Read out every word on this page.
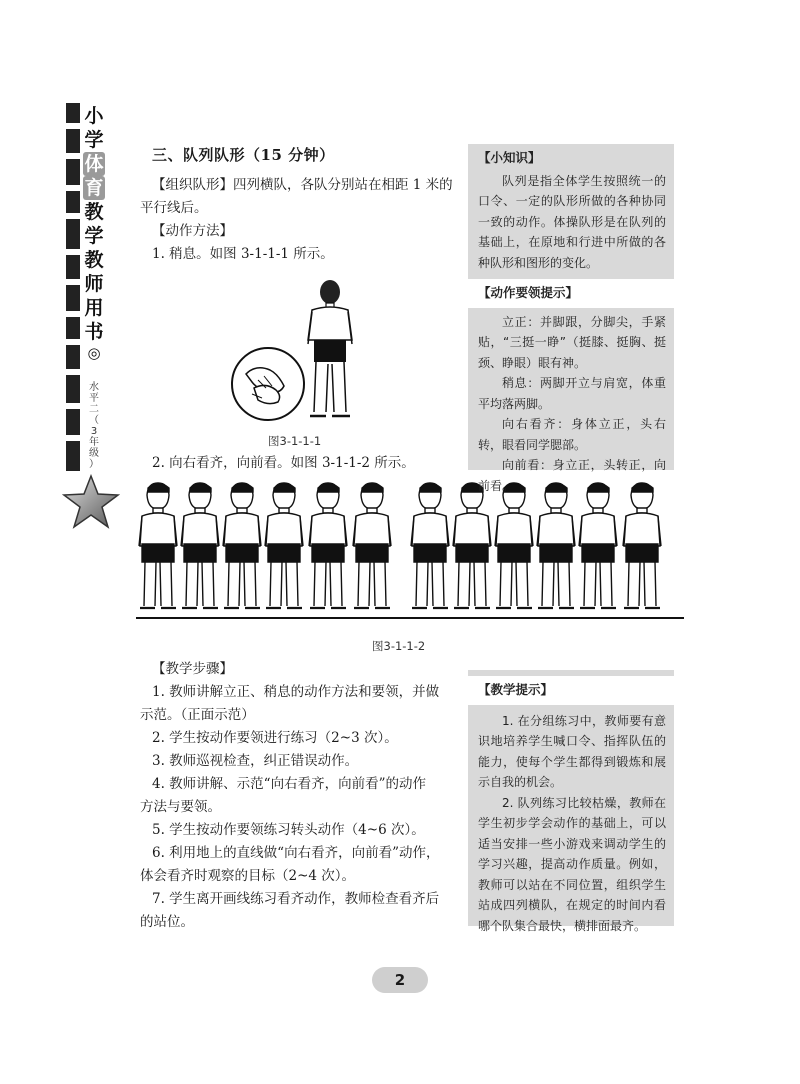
小
学
体
育
教
学
教
师
用
书
◎
水
平
二
（
3
年
级
）
三、队列队形（15 分钟）
【组织队形】四列横队，各队分别站在相距 1 米的
平行线后。
【动作方法】
1. 稍息。如图 3-1-1-1 所示。
图3-1-1-1
2. 向右看齐，向前看。如图 3-1-1-2 所示。
图3-1-1-2
【教学步骤】
1. 教师讲解立正、稍息的动作方法和要领，并做
示范。（正面示范）
2. 学生按动作要领进行练习（2~3 次）。
3. 教师巡视检查，纠正错误动作。
4. 教师讲解、示范“向右看齐，向前看”的动作
方法与要领。
5. 学生按动作要领练习转头动作（4~6 次）。
6. 利用地上的直线做“向右看齐，向前看”动作，
体会看齐时观察的目标（2~4 次）。
7. 学生离开画线练习看齐动作，教师检查看齐后
的站位。
【小知识】
队列是指全体学生按照统一的口令、一定的队形所做的各种协同一致的动作。体操队形是在队列的基础上，在原地和行进中所做的各种队形和图形的变化。
【动作要领提示】
立正：并脚跟，分脚尖，手紧贴，“三挺一睁”（挺膝、挺胸、挺颈、睁眼）眼有神。
稍息：两脚开立与肩宽，体重平均落两脚。
向右看齐：身体立正，头右转，眼看同学腮部。
向前看：身立正，头转正，向前看。
【教学提示】
1. 在分组练习中，教师要有意识地培养学生喊口令、指挥队伍的能力，使每个学生都得到锻炼和展示自我的机会。
2. 队列练习比较枯燥，教师在学生初步学会动作的基础上，可以适当安排一些小游戏来调动学生的学习兴趣，提高动作质量。例如，教师可以站在不同位置，组织学生站成四列横队，在规定的时间内看哪个队集合最快，横排面最齐。
2
